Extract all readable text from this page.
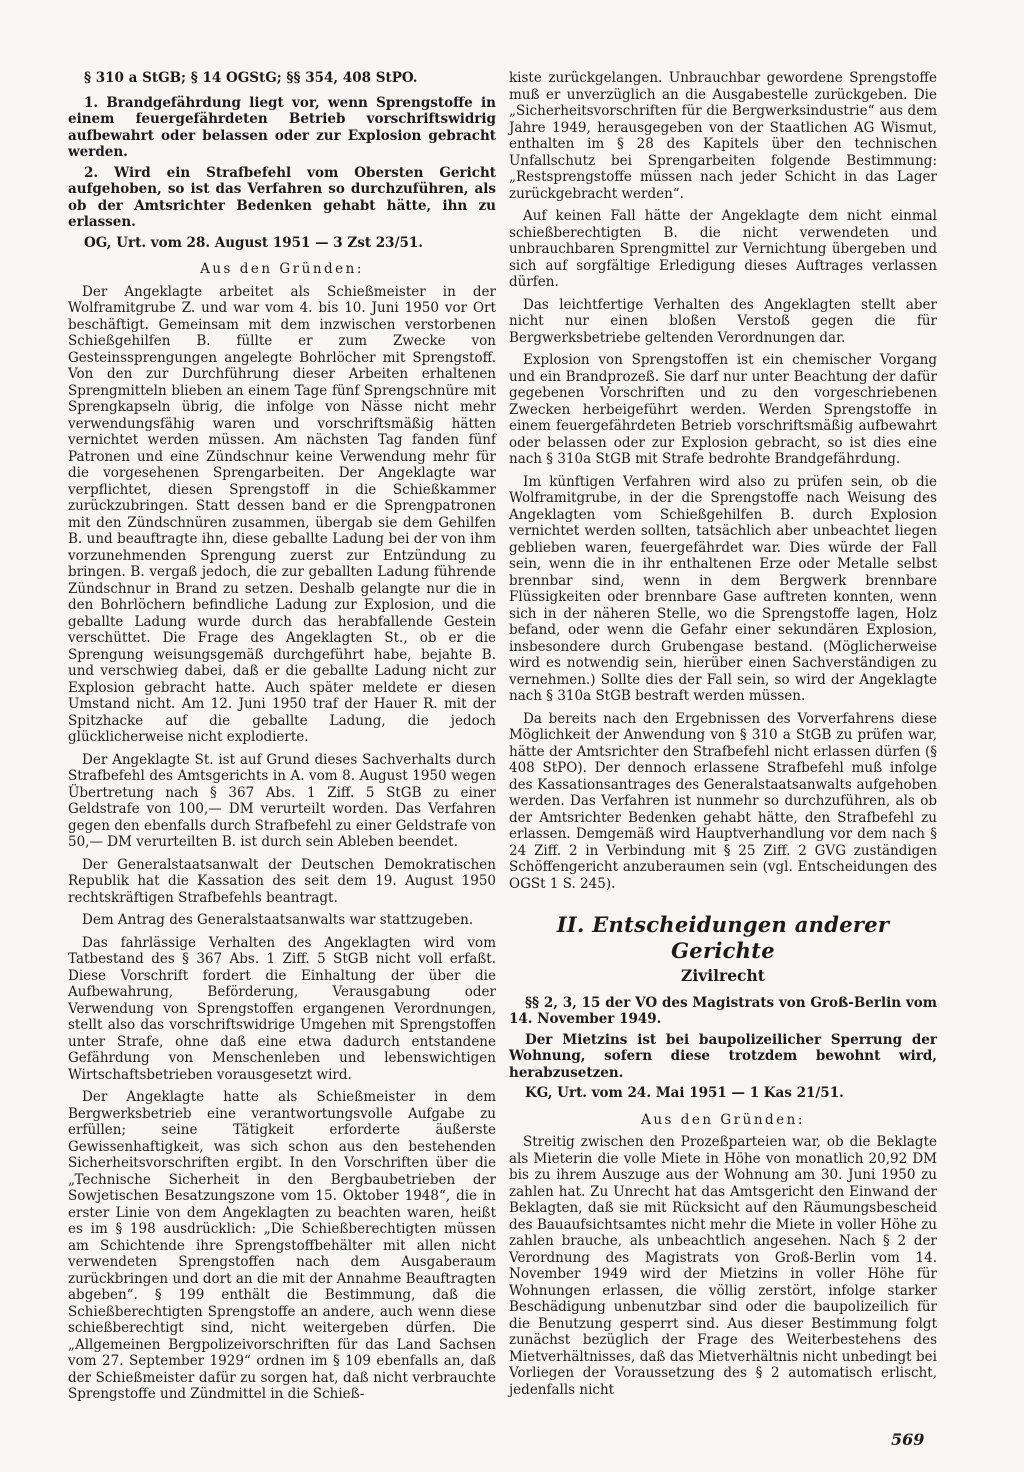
§ 310 a StGB; § 14 OGStG; §§ 354, 408 StPO.

1. Brandgefährdung liegt vor, wenn Sprengstoffe in einem feuergefährdeten Betrieb vorschriftswidrig aufbewahrt oder belassen oder zur Explosion gebracht werden.

2. Wird ein Strafbefehl vom Obersten Gericht aufgehoben, so ist das Verfahren so durchzuführen, als ob der Amtsrichter Bedenken gehabt hätte, ihn zu erlassen.

OG, Urt. vom 28. August 1951 — 3 Zst 23/51.
Aus den Gründen:

Der Angeklagte arbeitet als Schießmeister in der Wolframitgrube Z. und war vom 4. bis 10. Juni 1950 vor Ort beschäftigt. Gemeinsam mit dem inzwischen verstorbenen Schießgehilfen B. füllte er zum Zwecke von Gesteinssprengungen angelegte Bohrlöcher mit Sprengstoff. Von den zur Durchführung dieser Arbeiten erhaltenen Sprengmitteln blieben an einem Tage fünf Sprengschnüre mit Sprengkapseln übrig, die infolge von Nässe nicht mehr verwendungsfähig waren und vorschriftsmäßig hätten vernichtet werden müssen. Am nächsten Tag fanden fünf Patronen und eine Zündschnur keine Verwendung mehr für die vorgesehenen Sprengarbeiten. Der Angeklagte war verpflichtet, diesen Sprengstoff in die Schießkammer zurückzubringen. Statt dessen band er die Sprengpatronen mit den Zündschnüren zusammen, übergab sie dem Gehilfen B. und beauftragte ihn, diese geballte Ladung bei der von ihm vorzunehmenden Sprengung zuerst zur Entzündung zu bringen. B. vergaß jedoch, die zur geballten Ladung führende Zündschnur in Brand zu setzen. Deshalb gelangte nur die in den Bohrlöchern befindliche Ladung zur Explosion, und die geballte Ladung wurde durch das herabfallende Gestein verschüttet. Die Frage des Angeklagten St., ob er die Sprengung weisungsgemäß durchgeführt habe, bejahte B. und verschwieg dabei, daß er die geballte Ladung nicht zur Explosion gebracht hatte. Auch später meldete er diesen Umstand nicht. Am 12. Juni 1950 traf der Hauer R. mit der Spitzhacke auf die geballte Ladung, die jedoch glücklicherweise nicht explodierte.

Der Angeklagte St. ist auf Grund dieses Sachverhalts durch Strafbefehl des Amtsgerichts in A. vom 8. August 1950 wegen Übertretung nach § 367 Abs. 1 Ziff. 5 StGB zu einer Geldstrafe von 100,— DM verurteilt worden. Das Verfahren gegen den ebenfalls durch Strafbefehl zu einer Geldstrafe von 50,— DM verurteilten B. ist durch sein Ableben beendet.

Der Generalstaatsanwalt der Deutschen Demokratischen Republik hat die Kassation des seit dem 19. August 1950 rechtskräftigen Strafbefehls beantragt.

Dem Antrag des Generalstaatsanwalts war stattzugeben.

Das fahrlässige Verhalten des Angeklagten wird vom Tatbestand des § 367 Abs. 1 Ziff. 5 StGB nicht voll erfaßt. Diese Vorschrift fordert die Einhaltung der über die Aufbewahrung, Beförderung, Verausgabung oder Verwendung von Sprengstoffen ergangenen Verordnungen, stellt also das vorschriftswidrige Umgehen mit Sprengstoffen unter Strafe, ohne daß eine etwa dadurch entstandene Gefährdung von Menschenleben und lebenswichtigen Wirtschaftsbetrieben vorausgesetzt wird.

Der Angeklagte hatte als Schießmeister in dem Bergwerksbetrieb eine verantwortungsvolle Aufgabe zu erfüllen; seine Tätigkeit erforderte äußerste Gewissenhaftigkeit, was sich schon aus den bestehenden Sicherheitsvorschriften ergibt. In den Vorschriften über die „Technische Sicherheit in den Bergbaubetrieben der Sowjetischen Besatzungszone vom 15. Oktober 1948“, die in erster Linie von dem Angeklagten zu beachten waren, heißt es im § 198 ausdrücklich: „Die Schießberechtigten müssen am Schichtende ihre Sprengstoffbehälter mit allen nicht verwendeten Sprengstoffen nach dem Ausgaberaum zurückbringen und dort an die mit der Annahme Beauftragten abgeben“. § 199 enthält die Bestimmung, daß die Schießberechtigten Sprengstoffe an andere, auch wenn diese schießberechtigt sind, nicht weitergeben dürfen. Die „Allgemeinen Bergpolizeivorschriften für das Land Sachsen vom 27. September 1929“ ordnen im § 109 ebenfalls an, daß der Schießmeister dafür zu sorgen hat, daß nicht verbrauchte Sprengstoffe und Zündmittel in die Schieß-

kiste zurückgelangen. Unbrauchbar gewordene Sprengstoffe muß er unverzüglich an die Ausgabestelle zurückgeben. Die „Sicherheitsvorschriften für die Bergwerksindustrie“ aus dem Jahre 1949, herausgegeben von der Staatlichen AG Wismut, enthalten im § 28 des Kapitels über den technischen Unfallschutz bei Sprengarbeiten folgende Bestimmung: „Restsprengstoffe müssen nach jeder Schicht in das Lager zurückgebracht werden“.

Auf keinen Fall hätte der Angeklagte dem nicht einmal schießberechtigten B. die nicht verwendeten und unbrauchbaren Sprengmittel zur Vernichtung übergeben und sich auf sorgfältige Erledigung dieses Auftrages verlassen dürfen.

Das leichtfertige Verhalten des Angeklagten stellt aber nicht nur einen bloßen Verstoß gegen die für Bergwerksbetriebe geltenden Verordnungen dar.

Explosion von Sprengstoffen ist ein chemischer Vorgang und ein Brandprozeß. Sie darf nur unter Beachtung der dafür gegebenen Vorschriften und zu den vorgeschriebenen Zwecken herbeigeführt werden. Werden Sprengstoffe in einem feuergefährdeten Betrieb vorschriftsmäßig aufbewahrt oder belassen oder zur Explosion gebracht, so ist dies eine nach § 310a StGB mit Strafe bedrohte Brandgefährdung.

Im künftigen Verfahren wird also zu prüfen sein, ob die Wolframitgrube, in der die Sprengstoffe nach Weisung des Angeklagten vom Schießgehilfen B. durch Explosion vernichtet werden sollten, tatsächlich aber unbeachtet liegen geblieben waren, feuergefährdet war. Dies würde der Fall sein, wenn die in ihr enthaltenen Erze oder Metalle selbst brennbar sind, wenn in dem Bergwerk brennbare Flüssigkeiten oder brennbare Gase auftreten konnten, wenn sich in der näheren Stelle, wo die Sprengstoffe lagen, Holz befand, oder wenn die Gefahr einer sekundären Explosion, insbesondere durch Grubengase bestand. (Möglicherweise wird es notwendig sein, hierüber einen Sachverständigen zu vernehmen.) Sollte dies der Fall sein, so wird der Angeklagte nach § 310a StGB bestraft werden müssen.

Da bereits nach den Ergebnissen des Vorverfahrens diese Möglichkeit der Anwendung von § 310 a StGB zu prüfen war, hätte der Amtsrichter den Strafbefehl nicht erlassen dürfen (§ 408 StPO). Der dennoch erlassene Strafbefehl muß infolge des Kassationsantrages des Generalstaatsanwalts aufgehoben werden. Das Verfahren ist nunmehr so durchzuführen, als ob der Amtsrichter Bedenken gehabt hätte, den Strafbefehl zu erlassen. Demgemäß wird Hauptverhandlung vor dem nach § 24 Ziff. 2 in Verbindung mit § 25 Ziff. 2 GVG zuständigen Schöffengericht anzuberaumen sein (vgl. Entscheidungen des OGSt 1 S. 245).

II. Entscheidungen anderer Gerichte
Zivilrecht

§§ 2, 3, 15 der VO des Magistrats von Groß-Berlin vom 14. November 1949.

Der Mietzins ist bei baupolizeilicher Sperrung der Wohnung, sofern diese trotzdem bewohnt wird, herabzusetzen.

KG, Urt. vom 24. Mai 1951 — 1 Kas 21/51.
Aus den Gründen:

Streitig zwischen den Prozeßparteien war, ob die Beklagte als Mieterin die volle Miete in Höhe von monatlich 20,92 DM bis zu ihrem Auszuge aus der Wohnung am 30. Juni 1950 zu zahlen hat. Zu Unrecht hat das Amtsgericht den Einwand der Beklagten, daß sie mit Rücksicht auf den Räumungsbescheid des Bauaufsichtsamtes nicht mehr die Miete in voller Höhe zu zahlen brauche, als unbeachtlich angesehen. Nach § 2 der Verordnung des Magistrats von Groß-Berlin vom 14. November 1949 wird der Mietzins in voller Höhe für Wohnungen erlassen, die völlig zerstört, infolge starker Beschädigung unbenutzbar sind oder die baupolizeilich für die Benutzung gesperrt sind. Aus dieser Bestimmung folgt zunächst bezüglich der Frage des Weiterbestehens des Mietverhältnisses, daß das Mietverhältnis nicht unbedingt bei Vorliegen der Voraussetzung des § 2 automatisch erlischt, jedenfalls nicht

569
